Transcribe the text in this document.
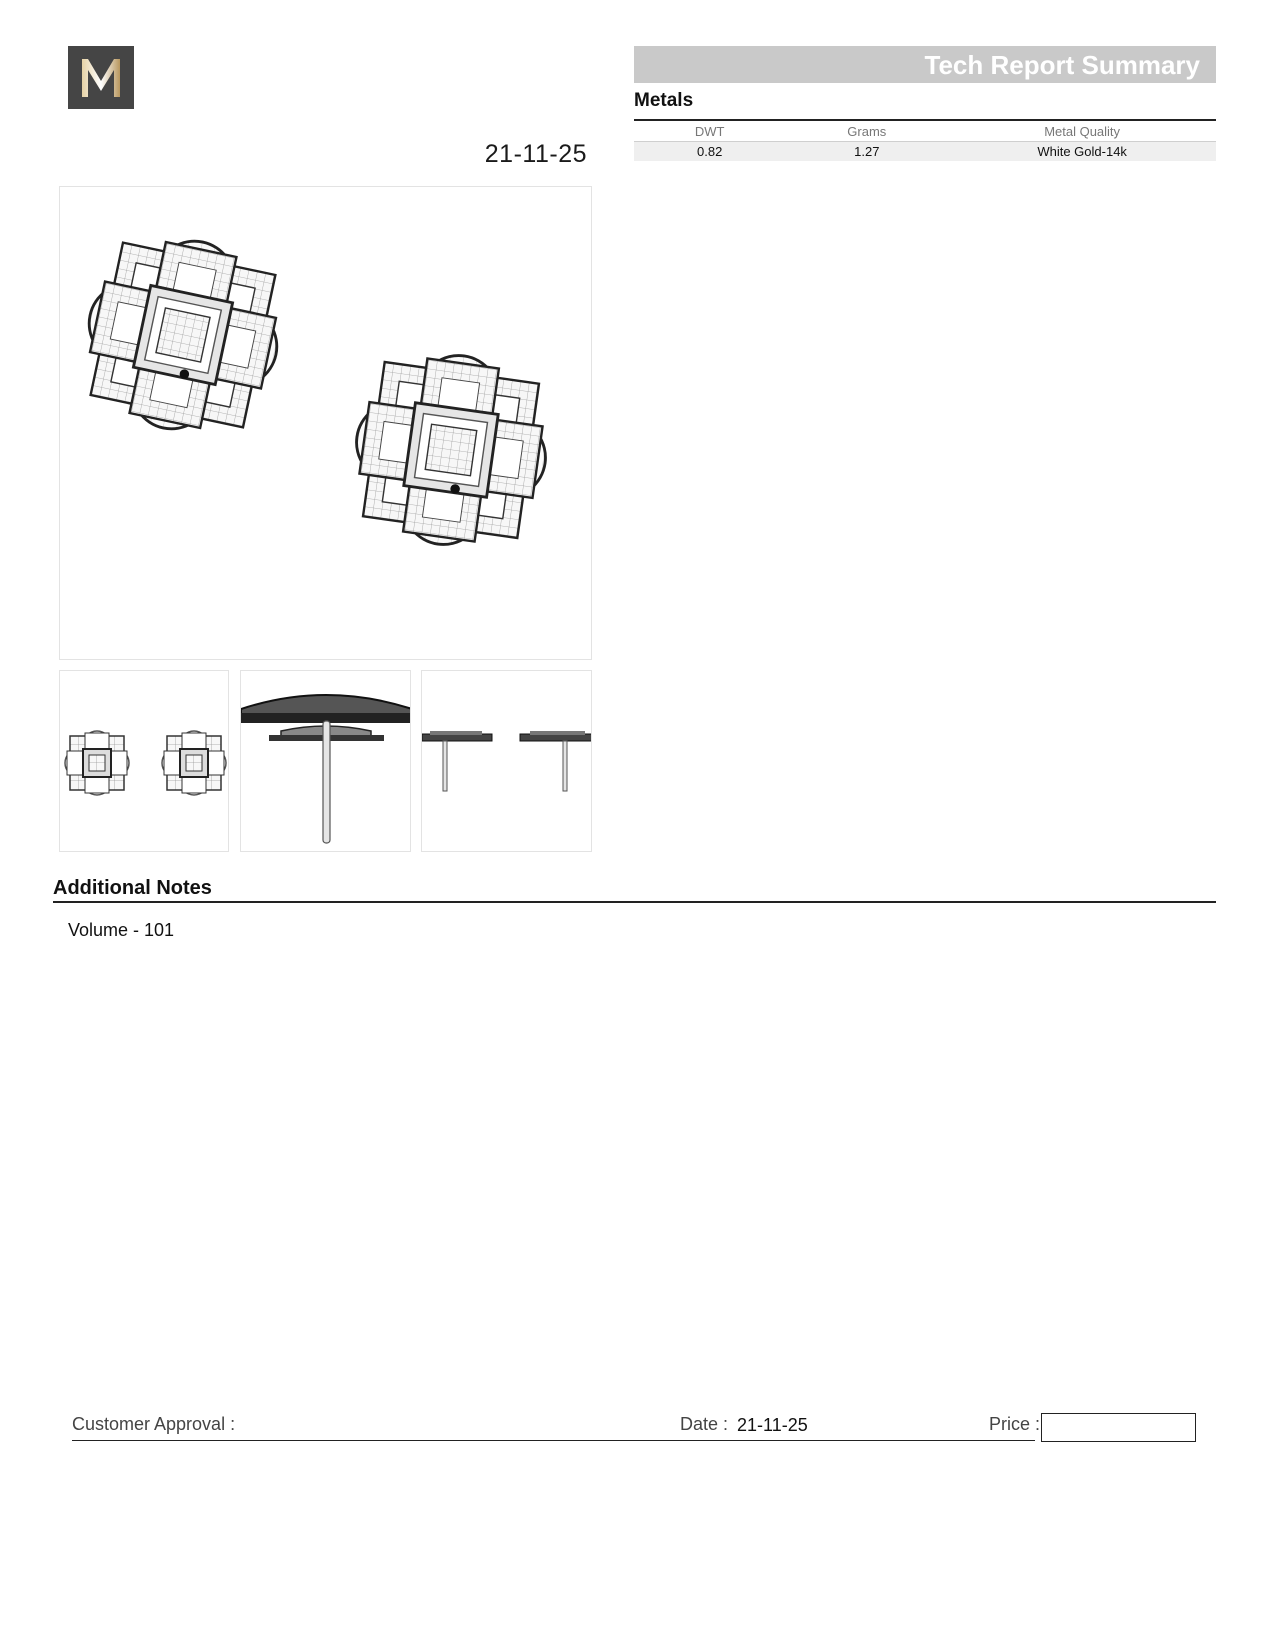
21-11-25
Tech Report Summary
Metals
DWT	Grams	Metal Quality
0.82	1.27	White Gold-14k
Additional Notes
Volume - 101
Customer Approval :	Date : 21-11-25	Price :
